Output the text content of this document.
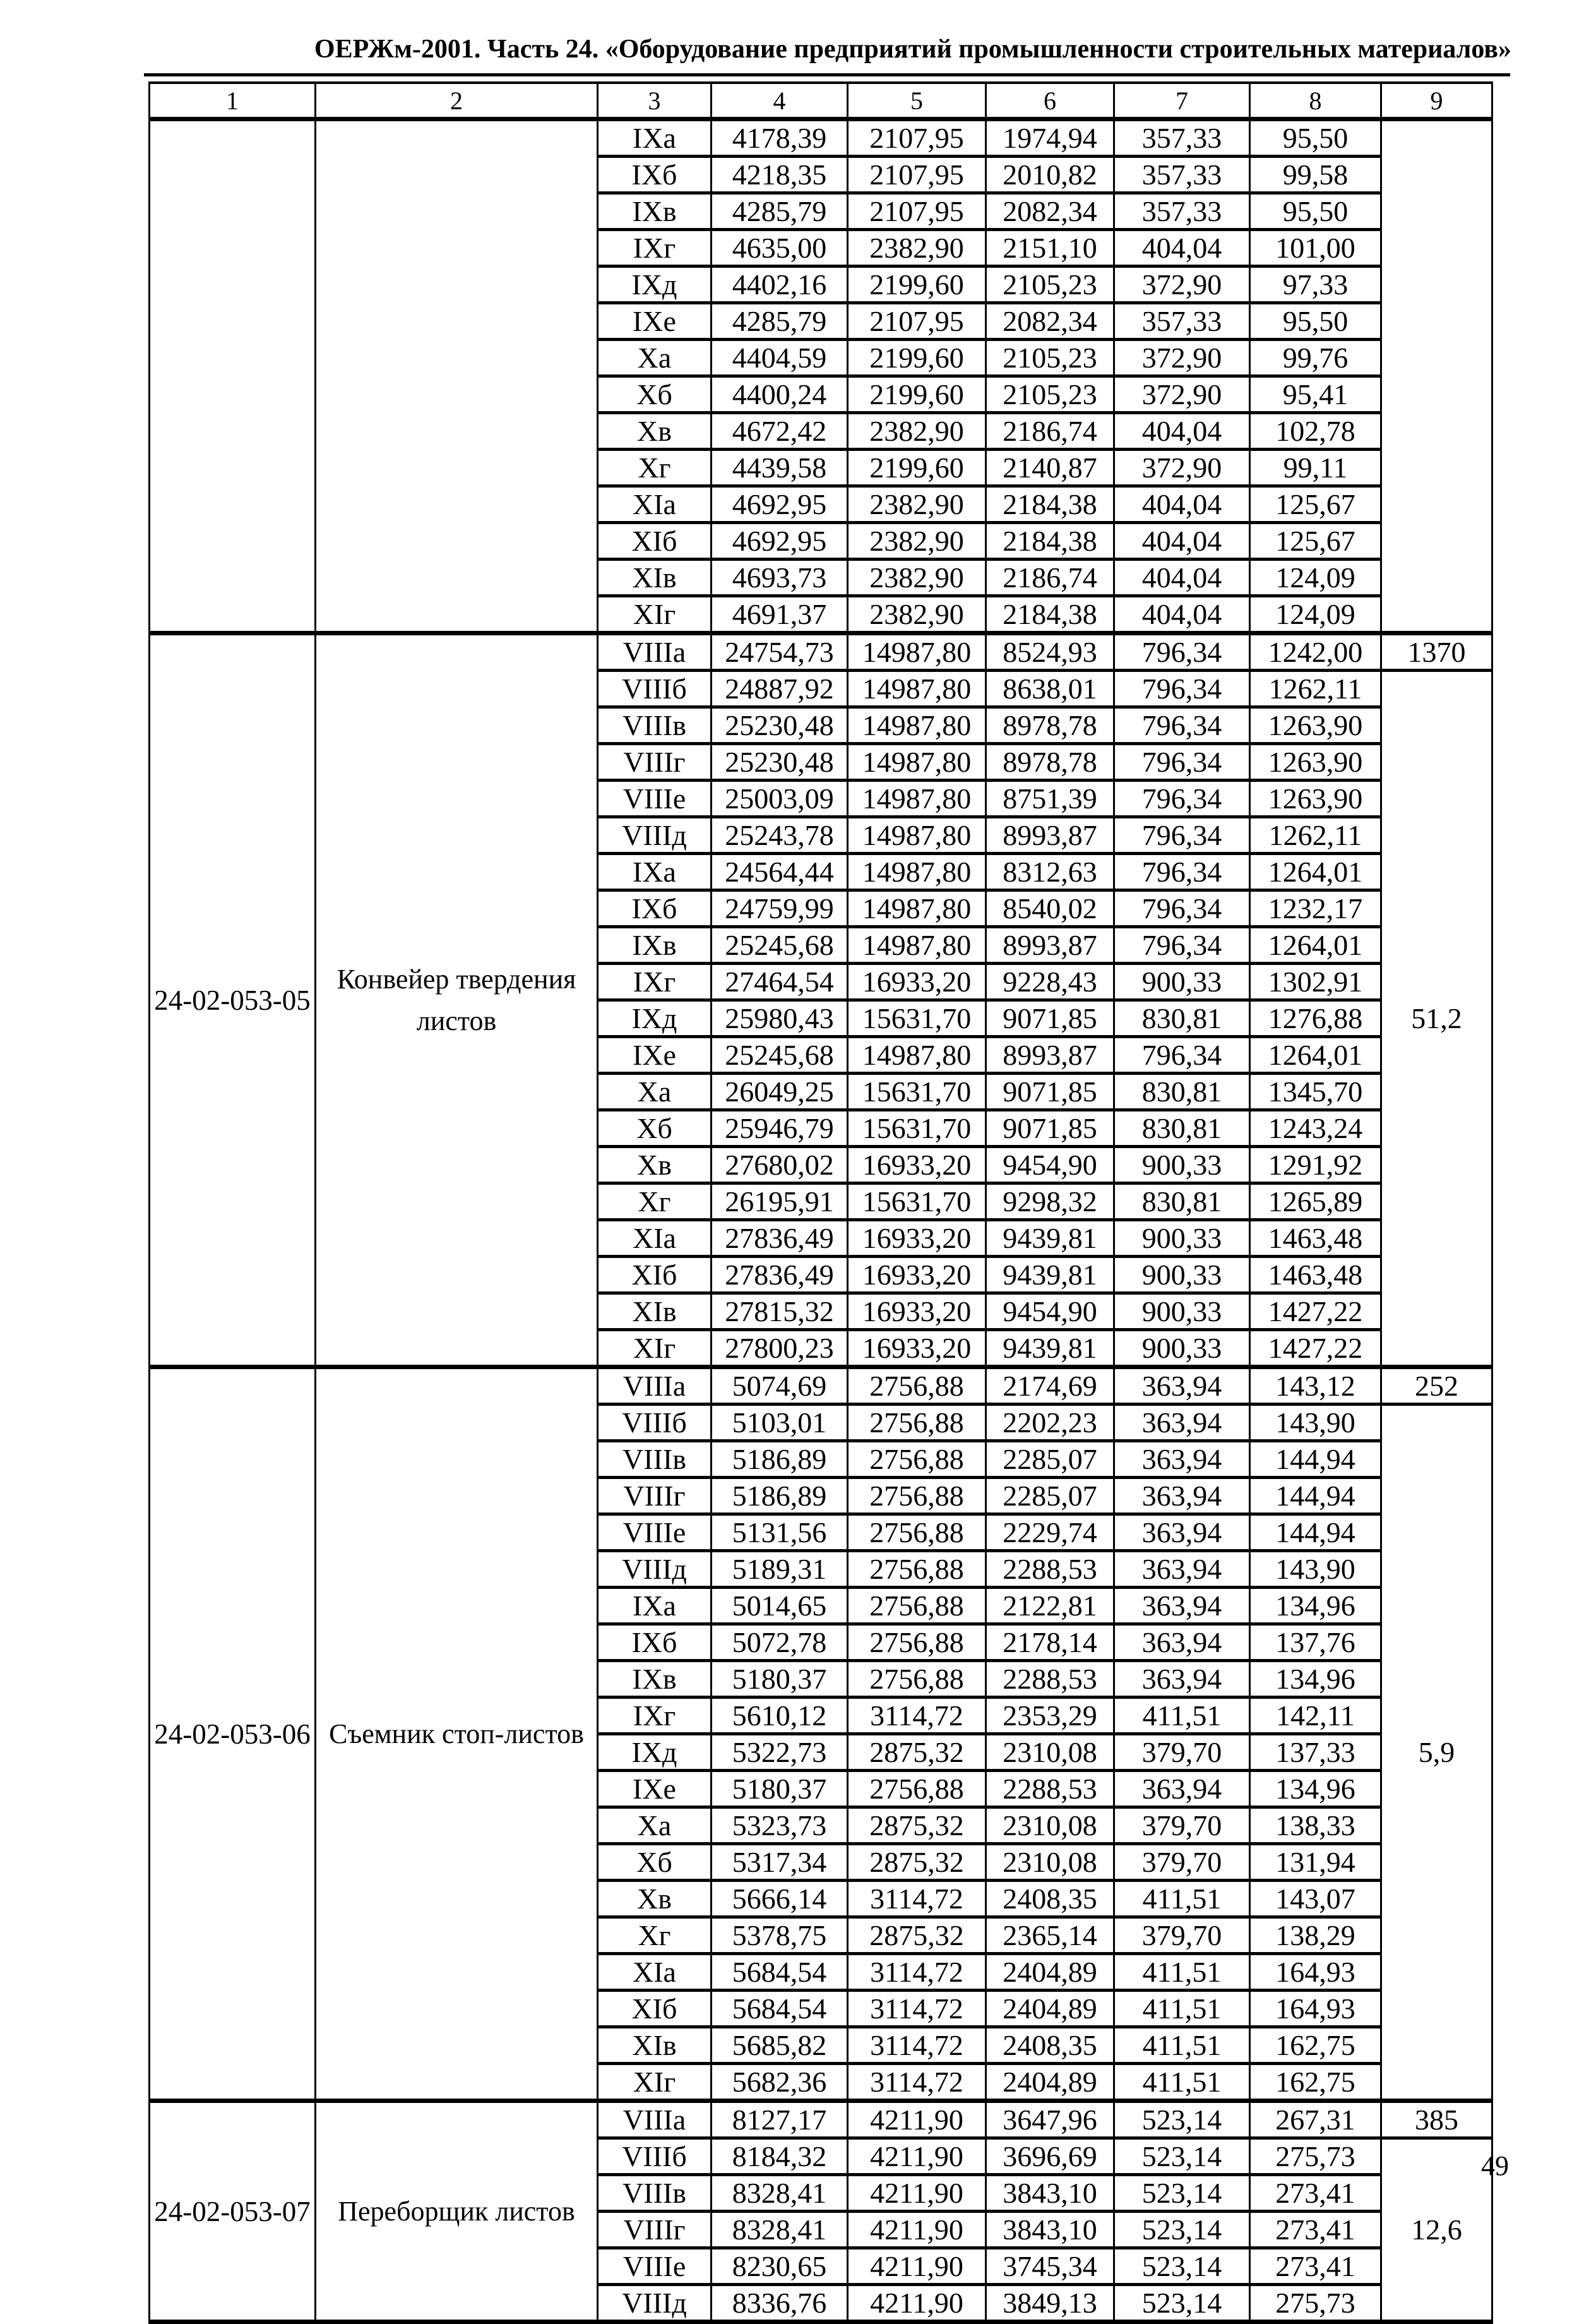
ОЕРЖм-2001. Часть 24. «Оборудование предприятий промышленности строительных материалов»
1	2	3	4	5	6	7	8	9
		IXа	4178,39	2107,95	1974,94	357,33	95,50	
		IXб	4218,35	2107,95	2010,82	357,33	99,58	
		IXв	4285,79	2107,95	2082,34	357,33	95,50	
		IXг	4635,00	2382,90	2151,10	404,04	101,00	
		IXд	4402,16	2199,60	2105,23	372,90	97,33	
		IXе	4285,79	2107,95	2082,34	357,33	95,50	
		Xа	4404,59	2199,60	2105,23	372,90	99,76	
		Xб	4400,24	2199,60	2105,23	372,90	95,41	
		Xв	4672,42	2382,90	2186,74	404,04	102,78	
		Xг	4439,58	2199,60	2140,87	372,90	99,11	
		XIа	4692,95	2382,90	2184,38	404,04	125,67	
		XIб	4692,95	2382,90	2184,38	404,04	125,67	
		XIв	4693,73	2382,90	2186,74	404,04	124,09	
		XIг	4691,37	2382,90	2184,38	404,04	124,09	
24-02-053-05	Конвейер твердения листов	VIIIа	24754,73	14987,80	8524,93	796,34	1242,00	1370
		VIIIб	24887,92	14987,80	8638,01	796,34	1262,11	51,2
		VIIIв	25230,48	14987,80	8978,78	796,34	1263,90	
		VIIIг	25230,48	14987,80	8978,78	796,34	1263,90	
		VIIIе	25003,09	14987,80	8751,39	796,34	1263,90	
		VIIIд	25243,78	14987,80	8993,87	796,34	1262,11	
		IXа	24564,44	14987,80	8312,63	796,34	1264,01	
		IXб	24759,99	14987,80	8540,02	796,34	1232,17	
		IXв	25245,68	14987,80	8993,87	796,34	1264,01	
		IXг	27464,54	16933,20	9228,43	900,33	1302,91	
		IXд	25980,43	15631,70	9071,85	830,81	1276,88	
		IXе	25245,68	14987,80	8993,87	796,34	1264,01	
		Xа	26049,25	15631,70	9071,85	830,81	1345,70	
		Xб	25946,79	15631,70	9071,85	830,81	1243,24	
		Xв	27680,02	16933,20	9454,90	900,33	1291,92	
		Xг	26195,91	15631,70	9298,32	830,81	1265,89	
		XIа	27836,49	16933,20	9439,81	900,33	1463,48	
		XIб	27836,49	16933,20	9439,81	900,33	1463,48	
		XIв	27815,32	16933,20	9454,90	900,33	1427,22	
		XIг	27800,23	16933,20	9439,81	900,33	1427,22	
24-02-053-06	Съемник стоп-листов	VIIIа	5074,69	2756,88	2174,69	363,94	143,12	252
		VIIIб	5103,01	2756,88	2202,23	363,94	143,90	5,9
		VIIIв	5186,89	2756,88	2285,07	363,94	144,94	
		VIIIг	5186,89	2756,88	2285,07	363,94	144,94	
		VIIIе	5131,56	2756,88	2229,74	363,94	144,94	
		VIIIд	5189,31	2756,88	2288,53	363,94	143,90	
		IXа	5014,65	2756,88	2122,81	363,94	134,96	
		IXб	5072,78	2756,88	2178,14	363,94	137,76	
		IXв	5180,37	2756,88	2288,53	363,94	134,96	
		IXг	5610,12	3114,72	2353,29	411,51	142,11	
		IXд	5322,73	2875,32	2310,08	379,70	137,33	
		IXе	5180,37	2756,88	2288,53	363,94	134,96	
		Xа	5323,73	2875,32	2310,08	379,70	138,33	
		Xб	5317,34	2875,32	2310,08	379,70	131,94	
		Xв	5666,14	3114,72	2408,35	411,51	143,07	
		Xг	5378,75	2875,32	2365,14	379,70	138,29	
		XIа	5684,54	3114,72	2404,89	411,51	164,93	
		XIб	5684,54	3114,72	2404,89	411,51	164,93	
		XIв	5685,82	3114,72	2408,35	411,51	162,75	
		XIг	5682,36	3114,72	2404,89	411,51	162,75	
24-02-053-07	Переборщик листов	VIIIа	8127,17	4211,90	3647,96	523,14	267,31	385
		VIIIб	8184,32	4211,90	3696,69	523,14	275,73	12,6
		VIIIв	8328,41	4211,90	3843,10	523,14	273,41	
		VIIIг	8328,41	4211,90	3843,10	523,14	273,41	
		VIIIе	8230,65	4211,90	3745,34	523,14	273,41	
		VIIIд	8336,76	4211,90	3849,13	523,14	275,73	
49
